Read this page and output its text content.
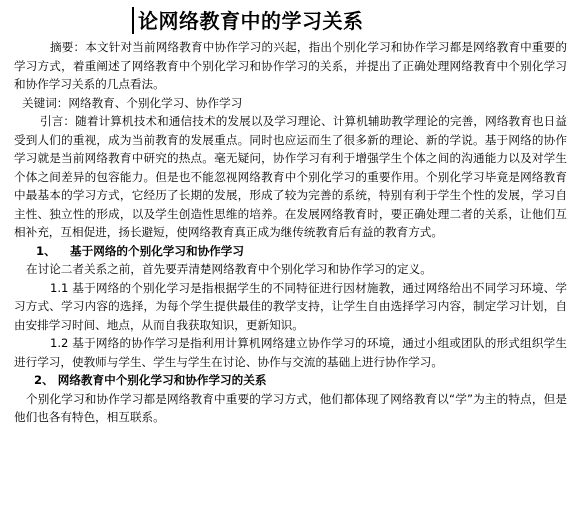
论网络教育中的学习关系

摘要：本文针对当前网络教育中协作学习的兴起，指出个别化学习和协作学习都是网络教育中重要的学习方式，着重阐述了网络教育中个别化学习和协作学习的关系，并提出了正确处理网络教育中个别化学习和协作学习关系的几点看法。

关键词：网络教育、个别化学习、协作学习

引言：随着计算机技术和通信技术的发展以及学习理论、计算机辅助教学理论的完善，网络教育也日益受到人们的重视，成为当前教育的发展重点。同时也应运而生了很多新的理论、新的学说。基于网络的协作学习就是当前网络教育中研究的热点。毫无疑问，协作学习有利于增强学生个体之间的沟通能力以及对学生个体之间差异的包容能力。但是也不能忽视网络教育中个别化学习的重要作用。个别化学习毕竟是网络教育中最基本的学习方式，它经历了长期的发展，形成了较为完善的系统，特别有利于学生个性的发展，学习自主性、独立性的形成，以及学生创造性思维的培养。在发展网络教育时，要正确处理二者的关系，让他们互相补充，互相促进，扬长避短，使网络教育真正成为继传统教育后有益的教育方式。

1、 基于网络的个别化学习和协作学习

在讨论二者关系之前，首先要弄清楚网络教育中个别化学习和协作学习的定义。

1.1 基于网络的个别化学习是指根据学生的不同特征进行因材施教，通过网络给出不同学习环境、学习方式、学习内容的选择，为每个学生提供最佳的教学支持，让学生自由选择学习内容，制定学习计划，自由安排学习时间、地点，从而自我获取知识，更新知识。

1.2 基于网络的协作学习是指利用计算机网络建立协作学习的环境，通过小组或团队的形式组织学生进行学习，使教师与学生、学生与学生在讨论、协作与交流的基础上进行协作学习。

2、 网络教育中个别化学习和协作学习的关系

个别化学习和协作学习都是网络教育中重要的学习方式，他们都体现了网络教育以“学”为主的特点，但是他们也各有特色，相互联系。
